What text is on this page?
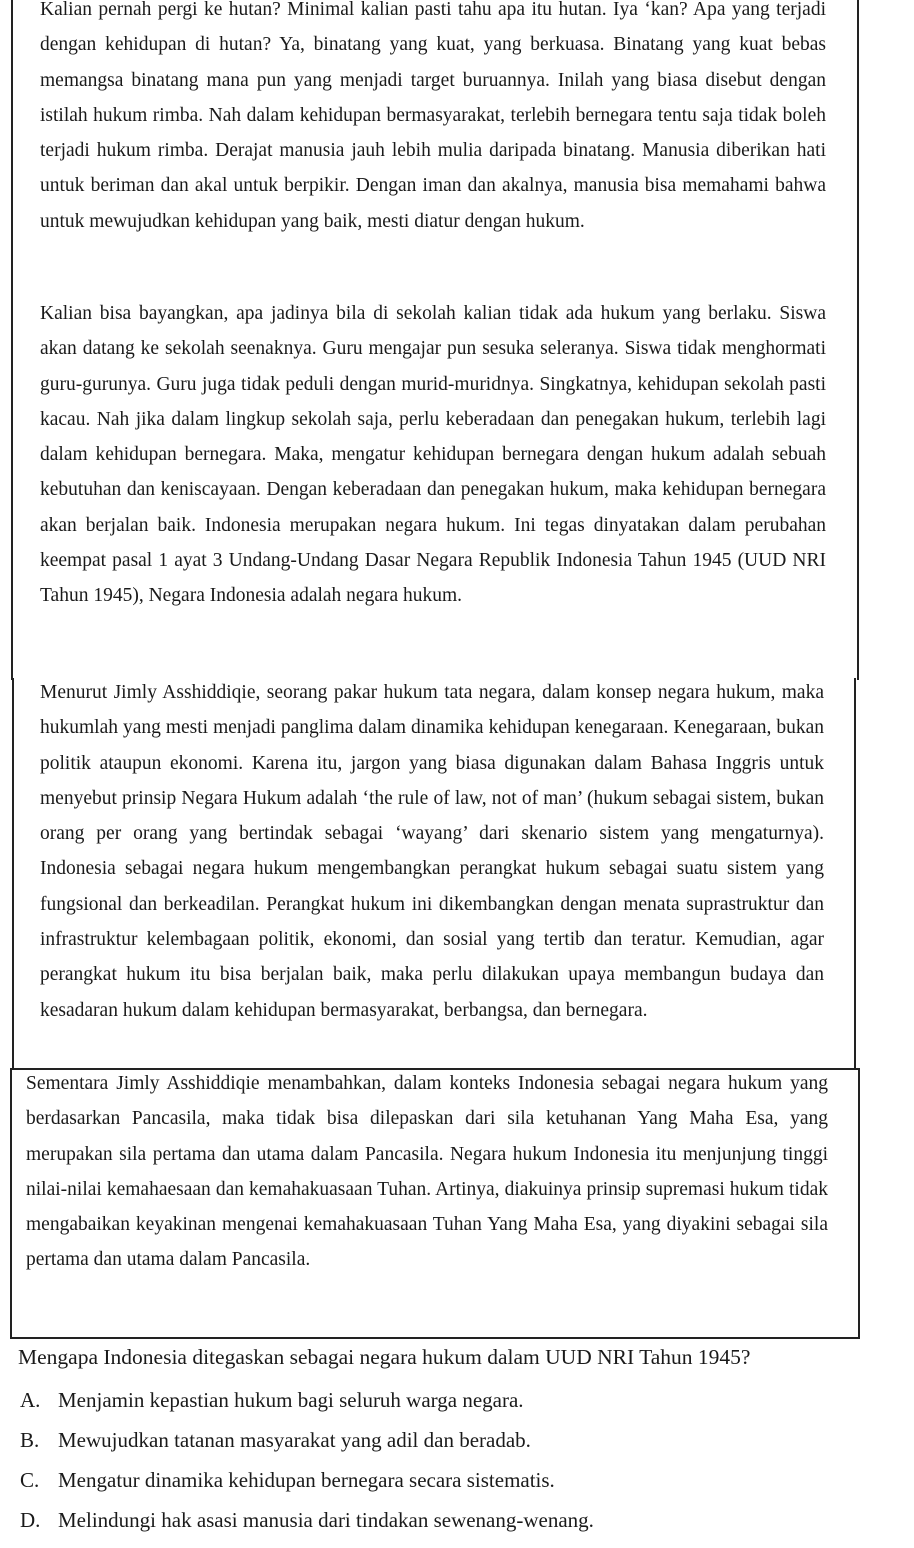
Kalian pernah pergi ke hutan? Minimal kalian pasti tahu apa itu hutan. Iya ‘kan? Apa yang terjadi dengan kehidupan di hutan? Ya, binatang yang kuat, yang berkuasa. Binatang yang kuat bebas memangsa binatang mana pun yang menjadi target buruannya. Inilah yang biasa disebut dengan istilah hukum rimba. Nah dalam kehidupan bermasyarakat, terlebih bernegara tentu saja tidak boleh terjadi hukum rimba. Derajat manusia jauh lebih mulia daripada binatang. Manusia diberikan hati untuk beriman dan akal untuk berpikir. Dengan iman dan akalnya, manusia bisa memahami bahwa untuk mewujudkan kehidupan yang baik, mesti diatur dengan hukum.

Kalian bisa bayangkan, apa jadinya bila di sekolah kalian tidak ada hukum yang berlaku. Siswa akan datang ke sekolah seenaknya. Guru mengajar pun sesuka seleranya. Siswa tidak menghormati guru-gurunya. Guru juga tidak peduli dengan murid-muridnya. Singkatnya, kehidupan sekolah pasti kacau. Nah jika dalam lingkup sekolah saja, perlu keberadaan dan penegakan hukum, terlebih lagi dalam kehidupan bernegara. Maka, mengatur kehidupan bernegara dengan hukum adalah sebuah kebutuhan dan keniscayaan. Dengan keberadaan dan penegakan hukum, maka kehidupan bernegara akan berjalan baik. Indonesia merupakan negara hukum. Ini tegas dinyatakan dalam perubahan keempat pasal 1 ayat 3 Undang-Undang Dasar Negara Republik Indonesia Tahun 1945 (UUD NRI Tahun 1945), Negara Indonesia adalah negara hukum.

Menurut Jimly Asshiddiqie, seorang pakar hukum tata negara, dalam konsep negara hukum, maka hukumlah yang mesti menjadi panglima dalam dinamika kehidupan kenegaraan. Kenegaraan, bukan politik ataupun ekonomi. Karena itu, jargon yang biasa digunakan dalam Bahasa Inggris untuk menyebut prinsip Negara Hukum adalah ‘the rule of law, not of man’ (hukum sebagai sistem, bukan orang per orang yang bertindak sebagai ‘wayang’ dari skenario sistem yang mengaturnya). Indonesia sebagai negara hukum mengembangkan perangkat hukum sebagai suatu sistem yang fungsional dan berkeadilan. Perangkat hukum ini dikembangkan dengan menata suprastruktur dan infrastruktur kelembagaan politik, ekonomi, dan sosial yang tertib dan teratur. Kemudian, agar perangkat hukum itu bisa berjalan baik, maka perlu dilakukan upaya membangun budaya dan kesadaran hukum dalam kehidupan bermasyarakat, berbangsa, dan bernegara.

Sementara Jimly Asshiddiqie menambahkan, dalam konteks Indonesia sebagai negara hukum yang berdasarkan Pancasila, maka tidak bisa dilepaskan dari sila ketuhanan Yang Maha Esa, yang merupakan sila pertama dan utama dalam Pancasila. Negara hukum Indonesia itu menjunjung tinggi nilai-nilai kemahaesaan dan kemahakuasaan Tuhan. Artinya, diakuinya prinsip supremasi hukum tidak mengabaikan keyakinan mengenai kemahakuasaan Tuhan Yang Maha Esa, yang diyakini sebagai sila pertama dan utama dalam Pancasila.

Mengapa Indonesia ditegaskan sebagai negara hukum dalam UUD NRI Tahun 1945?

A. Menjamin kepastian hukum bagi seluruh warga negara.
B. Mewujudkan tatanan masyarakat yang adil dan beradab.
C. Mengatur dinamika kehidupan bernegara secara sistematis.
D. Melindungi hak asasi manusia dari tindakan sewenang-wenang.
